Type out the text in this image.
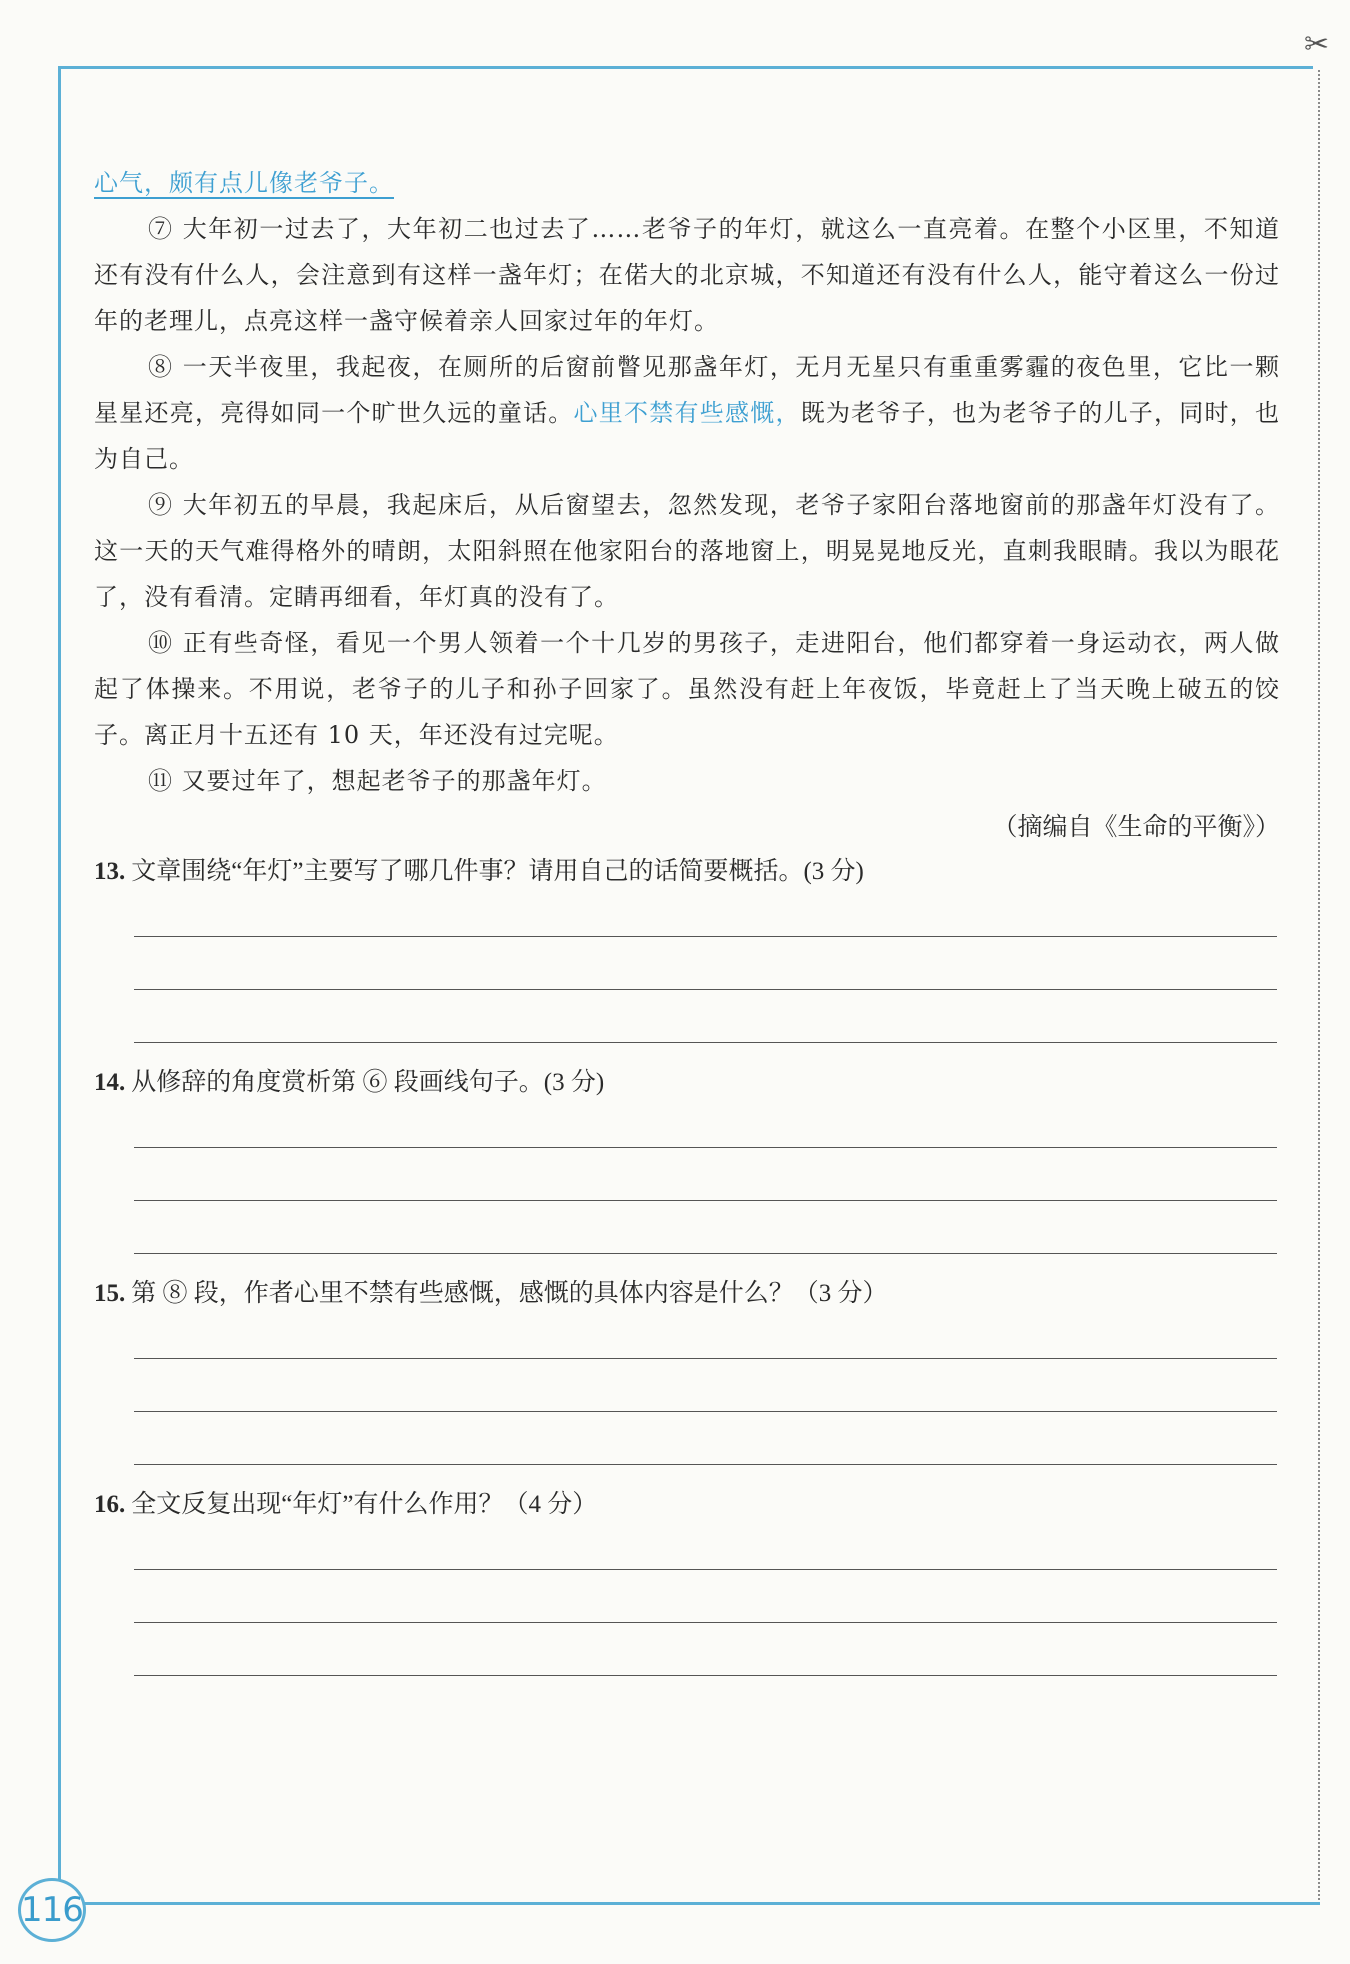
✂

心气，颇有点儿像老爷子。

⑦ 大年初一过去了，大年初二也过去了……老爷子的年灯，就这么一直亮着。在整个小区里，不知道还有没有什么人，会注意到有这样一盏年灯；在偌大的北京城，不知道还有没有什么人，能守着这么一份过年的老理儿，点亮这样一盏守候着亲人回家过年的年灯。

⑧ 一天半夜里，我起夜，在厕所的后窗前瞥见那盏年灯，无月无星只有重重雾霾的夜色里，它比一颗星星还亮，亮得如同一个旷世久远的童话。心里不禁有些感慨，既为老爷子，也为老爷子的儿子，同时，也为自己。

⑨ 大年初五的早晨，我起床后，从后窗望去，忽然发现，老爷子家阳台落地窗前的那盏年灯没有了。这一天的天气难得格外的晴朗，太阳斜照在他家阳台的落地窗上，明晃晃地反光，直刺我眼睛。我以为眼花了，没有看清。定睛再细看，年灯真的没有了。

⑩ 正有些奇怪，看见一个男人领着一个十几岁的男孩子，走进阳台，他们都穿着一身运动衣，两人做起了体操来。不用说，老爷子的儿子和孙子回家了。虽然没有赶上年夜饭，毕竟赶上了当天晚上破五的饺子。离正月十五还有 10 天，年还没有过完呢。

⑪ 又要过年了，想起老爷子的那盏年灯。

（摘编自《生命的平衡》）

13. 文章围绕“年灯”主要写了哪几件事？请用自己的话简要概括。(3 分)

14. 从修辞的角度赏析第 ⑥ 段画线句子。(3 分)

15. 第 ⑧ 段，作者心里不禁有些感慨，感慨的具体内容是什么？（3 分）

16. 全文反复出现“年灯”有什么作用？（4 分）

116
